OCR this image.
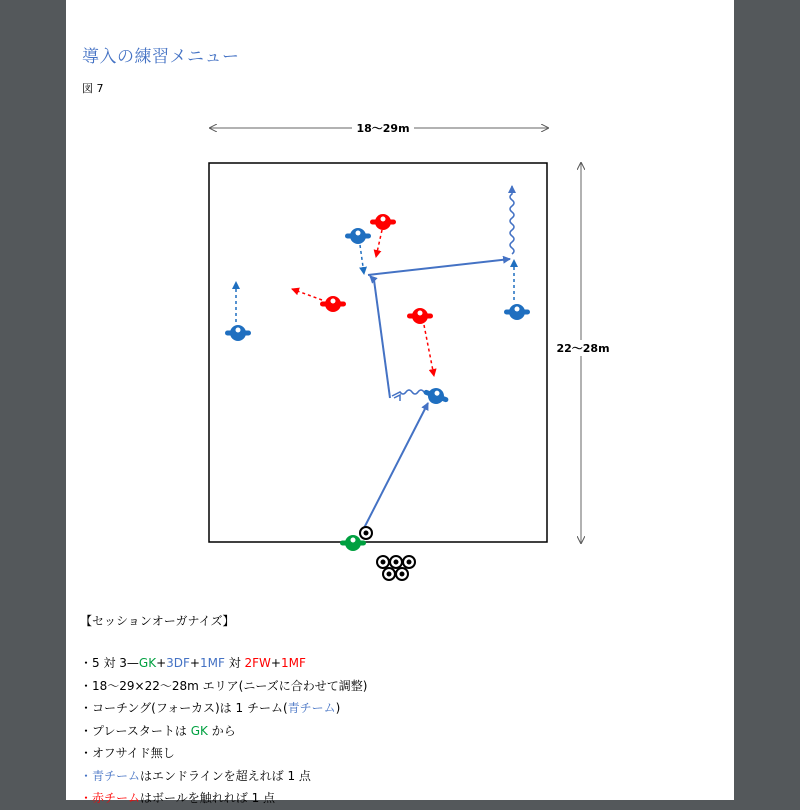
導入の練習メニュー
図 7
18〜29m
22〜28m
【セッションオーガナイズ】
・5 対 3—GK+3DF+1MF 対 2FW+1MF
・18〜29×22〜28m エリア(ニーズに合わせて調整)
・コーチング(フォーカス)は 1 チーム(青チーム)
・プレースタートは GK から
・オフサイド無し
・青チームはエンドラインを超えれば 1 点
・赤チームはボールを触れれば 1 点
